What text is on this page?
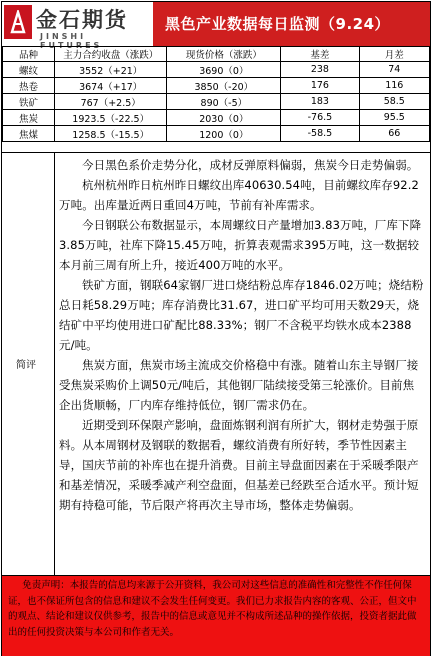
金石期货
JINSHI FUTURES
黑色产业数据每日监测（9.24）
品种	主力合约收盘（涨跌）	现货价格（涨跌）	基差	月差
螺纹	3552（+21）	3690（0）	238	74
热卷	3674（+17）	3850（-20）	176	116
铁矿	767（+2.5）	890（-5）	183	58.5
焦炭	1923.5（-22.5）	2030（0）	-76.5	95.5
焦煤	1258.5（-15.5）	1200（0）	-58.5	66
简评

今日黑色系价走势分化，成材反弹原料偏弱，焦炭今日走势偏弱。

杭州杭州昨日杭州昨日螺纹出库40630.54吨，目前螺纹库存92.2万吨。出库量近两日重回4万吨，节前有补库需求。

今日钢联公布数据显示，本周螺纹日产量增加3.83万吨，厂库下降3.85万吨，社库下降15.45万吨，折算表观需求395万吨，这一数据较本月前三周有所上升，接近400万吨的水平。

铁矿方面，钢联64家钢厂进口烧结粉总库存1846.02万吨；烧结粉总日耗58.29万吨；库存消费比31.67，进口矿平均可用天数29天，烧结矿中平均使用进口矿配比88.33%；钢厂不含税平均铁水成本2388元/吨。

焦炭方面，焦炭市场主流成交价格稳中有涨。随着山东主导钢厂接受焦炭采购价上调50元/吨后，其他钢厂陆续接受第三轮涨价。目前焦企出货顺畅，厂内库存维持低位，钢厂需求仍在。

近期受到环保限产影响，盘面炼钢利润有所扩大，钢材走势强于原料。从本周钢材及钢联的数据看，螺纹消费有所好转，季节性因素主导，国庆节前的补库也在提升消费。目前主导盘面因素在于采暖季限产和基差情况，采暖季减产利空盘面，但基差已经跌至合适水平。预计短期有持稳可能，节后限产将再次主导市场，整体走势偏弱。

免责声明：本报告的信息均来源于公开资料，我公司对这些信息的准确性和完整性不作任何保证，也不保证所包含的信息和建议不会发生任何变更。我们已力求报告内容的客观、公正，但文中的观点、结论和建议仅供参考，报告中的信息或意见并不构成所述品种的操作依据，投资者据此做出的任何投资决策与本公司和作者无关。
